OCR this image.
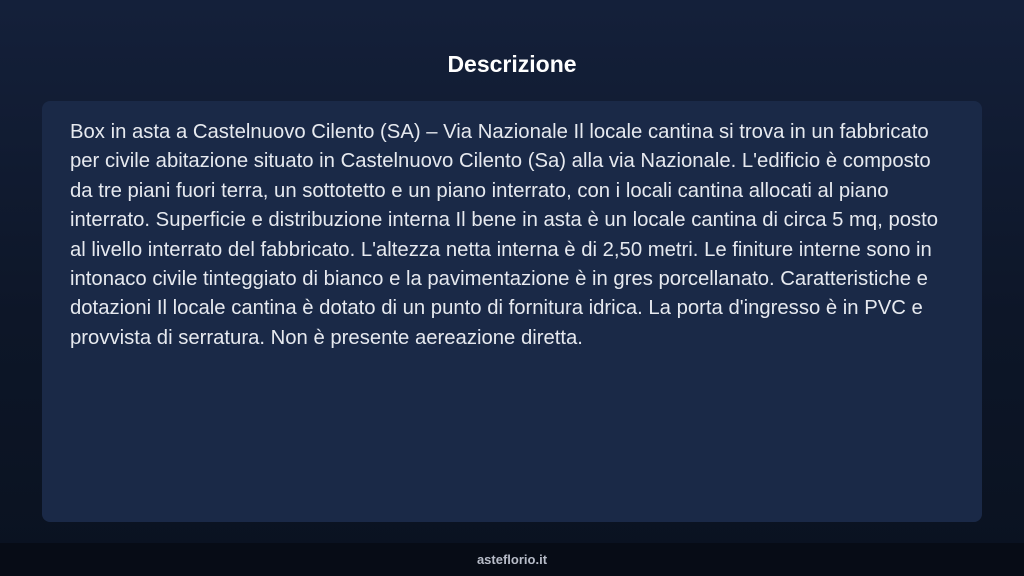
Descrizione

Box in asta a Castelnuovo Cilento (SA) – Via Nazionale Il locale cantina si trova in un fabbricato per civile abitazione situato in Castelnuovo Cilento (Sa) alla via Nazionale. L'edificio è composto da tre piani fuori terra, un sottotetto e un piano interrato, con i locali cantina allocati al piano interrato. Superficie e distribuzione interna Il bene in asta è un locale cantina di circa 5 mq, posto al livello interrato del fabbricato. L'altezza netta interna è di 2,50 metri. Le finiture interne sono in intonaco civile tinteggiato di bianco e la pavimentazione è in gres porcellanato. Caratteristiche e dotazioni Il locale cantina è dotato di un punto di fornitura idrica. La porta d'ingresso è in PVC e provvista di serratura. Non è presente aereazione diretta.

asteflorio.it
